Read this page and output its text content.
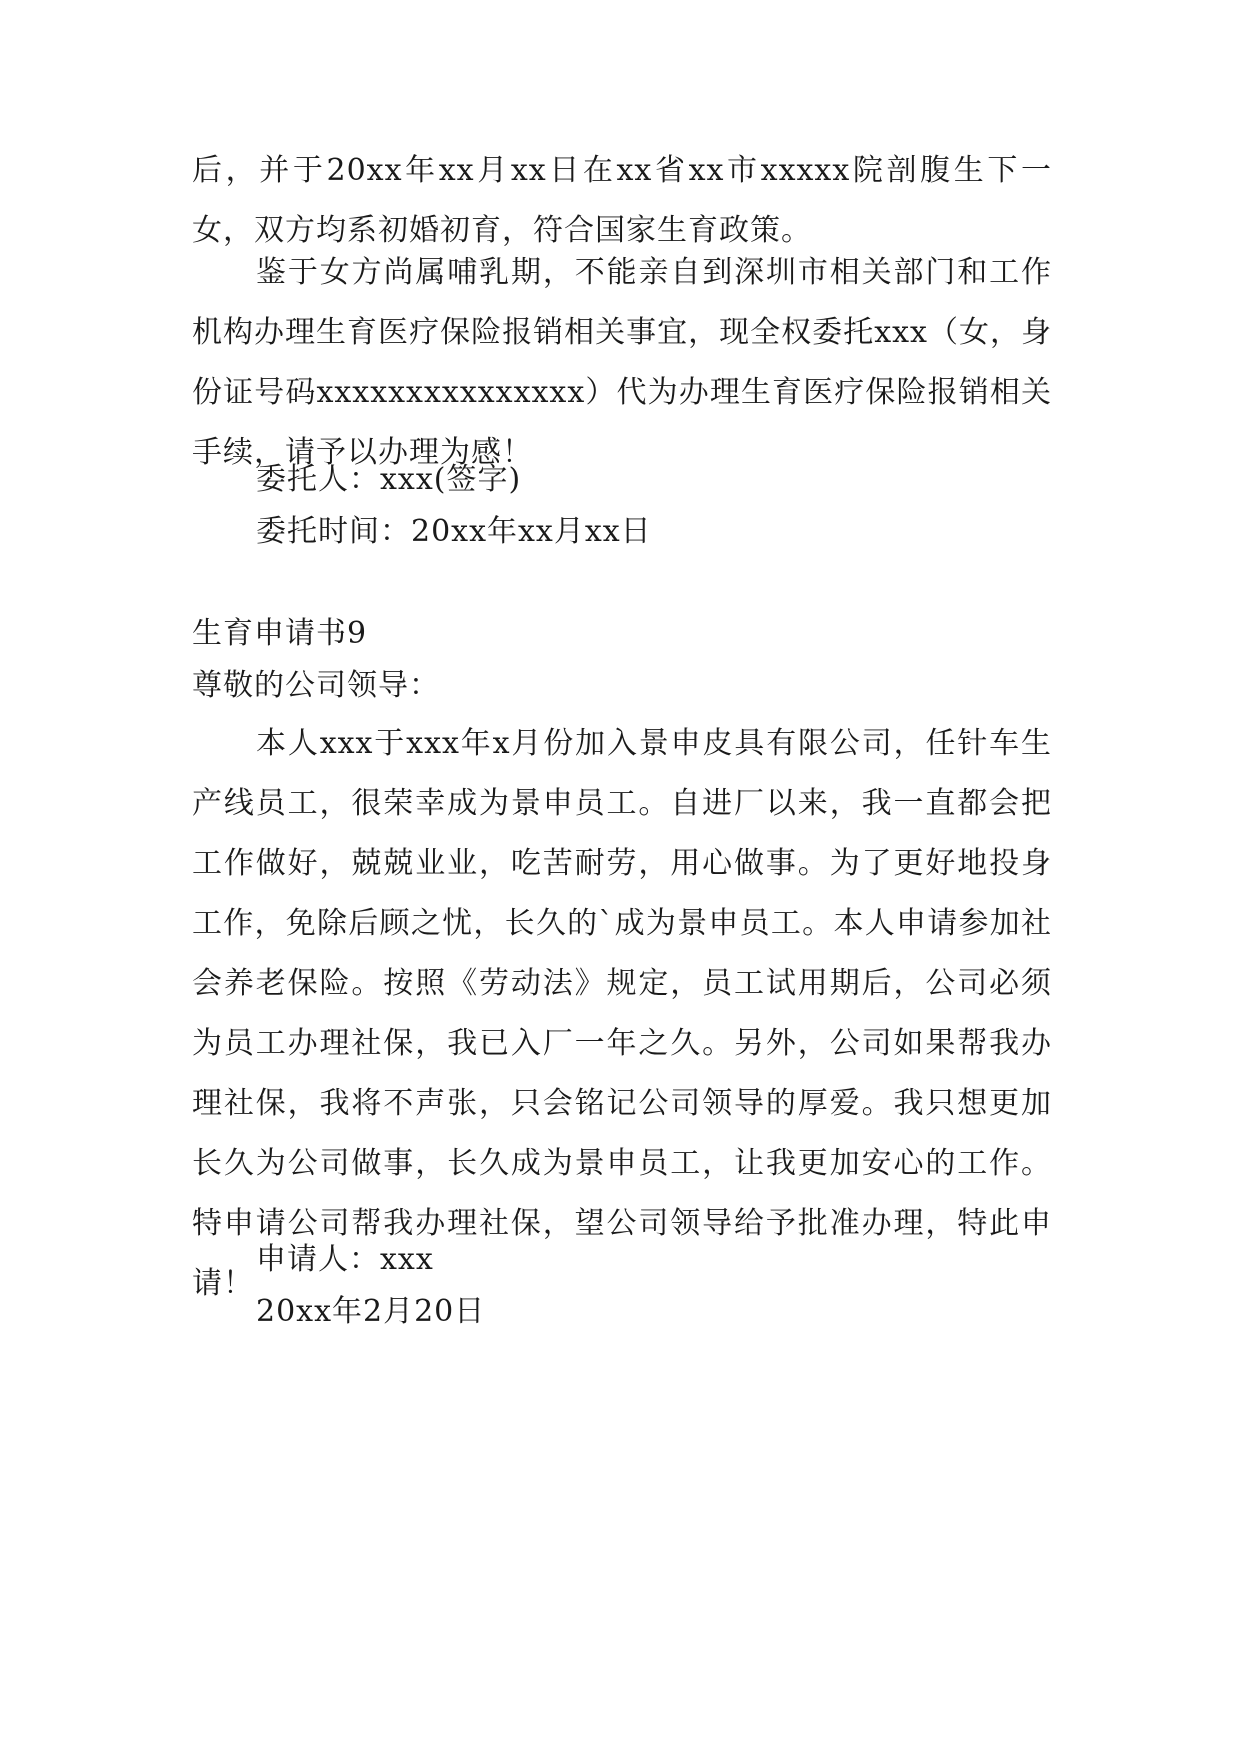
后，并于20xx年xx月xx日在xx省xx市xxxxx院剖腹生下一女，双方均系初婚初育，符合国家生育政策。

鉴于女方尚属哺乳期，不能亲自到深圳市相关部门和工作机构办理生育医疗保险报销相关事宜，现全权委托xxx（女，身份证号码xxxxxxxxxxxxxxx）代为办理生育医疗保险报销相关手续，请予以办理为感！

委托人：xxx(签字)

委托时间：20xx年xx月xx日

生育申请书9

尊敬的公司领导：

本人xxx于xxx年x月份加入景申皮具有限公司，任针车生产线员工，很荣幸成为景申员工。自进厂以来，我一直都会把工作做好，兢兢业业，吃苦耐劳，用心做事。为了更好地投身工作，免除后顾之忧，长久的`成为景申员工。本人申请参加社会养老保险。按照《劳动法》规定，员工试用期后，公司必须为员工办理社保，我已入厂一年之久。另外，公司如果帮我办理社保，我将不声张，只会铭记公司领导的厚爱。我只想更加长久为公司做事，长久成为景申员工，让我更加安心的工作。特申请公司帮我办理社保，望公司领导给予批准办理，特此申请！

申请人：xxx

20xx年2月20日
